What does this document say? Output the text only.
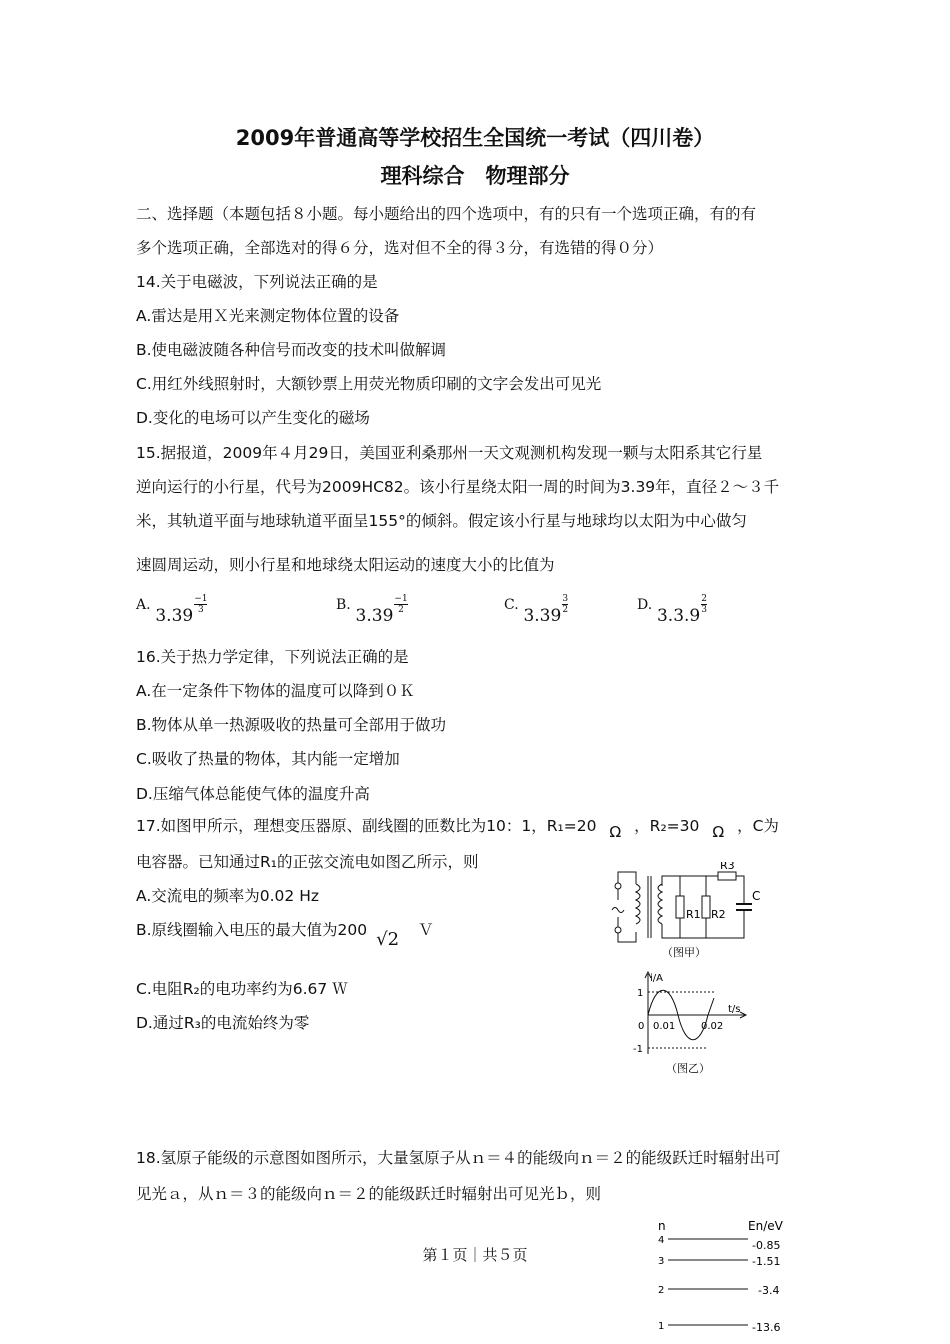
2009年普通高等学校招生全国统一考试（四川卷）
理科综合　物理部分
二、选择题（本题包括８小题。每小题给出的四个选项中，有的只有一个选项正确，有的有
多个选项正确，全部选对的得６分，选对但不全的得３分，有选错的得０分）
14.关于电磁波，下列说法正确的是
A.雷达是用Ｘ光来测定物体位置的设备
B.使电磁波随各种信号而改变的技术叫做解调
C.用红外线照射时，大额钞票上用荧光物质印刷的文字会发出可见光
D.变化的电场可以产生变化的磁场
15.据报道，2009年４月29日，美国亚利桑那州一天文观测机构发现一颗与太阳系其它行星
逆向运行的小行星，代号为2009HC82。该小行星绕太阳一周的时间为3.39年，直径２～３千
米，其轨道平面与地球轨道平面呈155°的倾斜。假定该小行星与地球均以太阳为中心做匀
速圆周运动，则小行星和地球绕太阳运动的速度大小的比值为
A. 3.39−1
3	B. 3.39−1
2	C. $3.39\frac{3}{2}$	D. $3.3.9\frac{2}{3}$
16.关于热力学定律，下列说法正确的是
A.在一定条件下物体的温度可以降到０Ｋ
B.物体从单一热源吸收的热量可全部用于做功
C.吸收了热量的物体，其内能一定增加
D.压缩气体总能使气体的温度升高
17.如图甲所示，理想变压器原、副线圈的匝数比为10：1，R₁=20 Ω ，R₂=30 Ω ，C为
电容器。已知通过R₁的正弦交流电如图乙所示，则
A.交流电的频率为0.02 Hz
B.原线圈输入电压的最大值为200 √2 Ｖ
C.电阻R₂的电功率约为6.67 Ｗ
D.通过R₃的电流始终为零
R1 R2
R3
C
（图甲）
i/A
t/s
1
-1
0 0.01	0.02
（图乙）
18.氢原子能级的示意图如图所示，大量氢原子从ｎ＝４的能级向ｎ＝２的能级跃迁时辐射出可
见光ａ，从ｎ＝３的能级向ｎ＝２的能级跃迁时辐射出可见光ｂ，则
n	En/eV
4	-0.85
3	-1.51
2	-3.4
1	-13.6
第１页｜共５页
